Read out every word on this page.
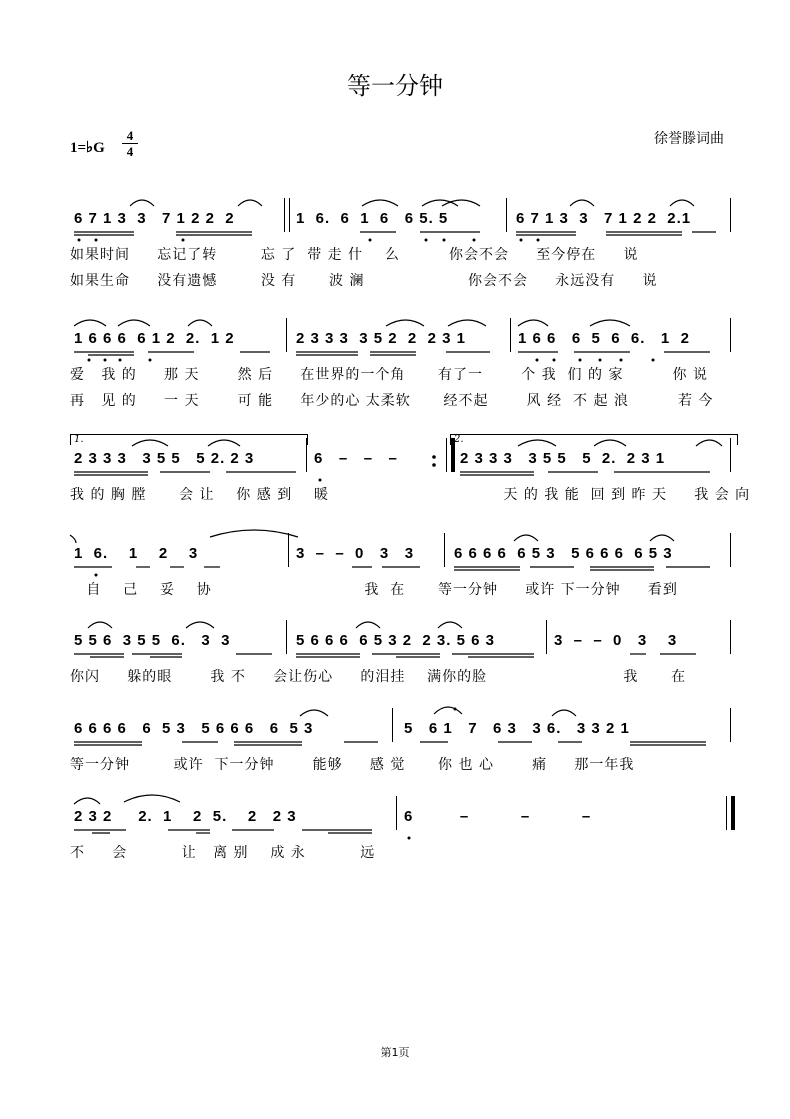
等一分钟
1=♭G
4
4
徐誉滕词曲
6 7 1 3  3   7 1 2 2  2	1  6.  6  1  6   6 5. 5	6 7 1 3  3   7 1 2 2  2.1
如果时间     忘记了转        忘 了  带 走 什    么         你会不会     至今停在     说
如果生命     没有遗憾        没 有      波 澜                   你会不会     永远没有     说
1 6 6 6  6 1 2  2.  1 2	2 3 3 3  3 5 2  2  2 3 1	1 6 6   6  5  6  6.   1  2
爱   我 的     那 天       然 后     在世界的一个角      有了一       个 我  们 的 家         你 说
再   见 的     一 天       可 能     年少的心 太柔软      经不起       风 经  不 起 浪         若 今
1.	2.
2 3 3 3   3 5 5   5 2. 2 3	6   –   –   –	2 3 3 3   3 5 5   5  2.  2 3 1
我 的 胸 膛      会 让    你 感 到    暖                                天 的 我 能  回 到 昨 天     我 会 向
1  6.    1    2    3	3  –  –  0   3   3	6 6 6 6  6 5 3   5 6 6 6  6 5 3
自    己    妥    协                            我  在      等一分钟     或许 下一分钟     看到
5 5 6  3 5 5  6.   3  3	5 6 6 6  6 5 3 2  2 3. 5 6 3	3  –  –  0   3    3
你闪     躲的眼       我 不     会让伤心     的泪挂    满你的脸                         我      在
6 6 6 6   6  5 3   5 6 6 6   6  5 3	5   6 1   7   6 3   3 6.   3 3 2 1
等一分钟        或许  下一分钟       能够     感 觉      你 也 心       痛     那一年我
2 3 2     2.  1    2  5.    2   2 3	6         –          –          –
不     会          让   离 别    成 永          远
第1页
